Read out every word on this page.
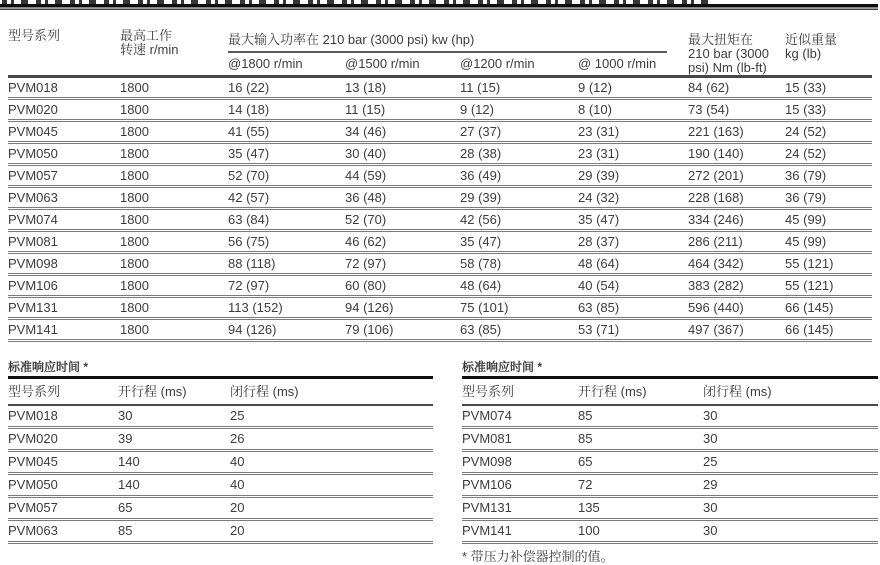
型号系列	最高工作
转速 r/min

最大输入功率在 210 bar (3000 psi) kw (hp)	最大扭矩在
210 bar (3000
psi) Nm (lb-ft)

近似重量
kg (lb)

		@1800 r/min	@1500 r/min	@1200 r/min	@ 1000 r/min		
PVM018	1800	16 (22)	13 (18)	11 (15)	9 (12)	84 (62)	15 (33)
PVM020	1800	14 (18)	11 (15)	9 (12)	8 (10)	73 (54)	15 (33)
PVM045	1800	41 (55)	34 (46)	27 (37)	23 (31)	221 (163)	24 (52)
PVM050	1800	35 (47)	30 (40)	28 (38)	23 (31)	190 (140)	24 (52)
PVM057	1800	52 (70)	44 (59)	36 (49)	29 (39)	272 (201)	36 (79)
PVM063	1800	42 (57)	36 (48)	29 (39)	24 (32)	228 (168)	36 (79)
PVM074	1800	63 (84)	52 (70)	42 (56)	35 (47)	334 (246)	45 (99)
PVM081	1800	56 (75)	46 (62)	35 (47)	28 (37)	286 (211)	45 (99)
PVM098	1800	88 (118)	72 (97)	58 (78)	48 (64)	464 (342)	55 (121)
PVM106	1800	72 (97)	60 (80)	48 (64)	40 (54)	383 (282)	55 (121)
PVM131	1800	113 (152)	94 (126)	75 (101)	63 (85)	596 (440)	66 (145)
PVM141	1800	94 (126)	79 (106)	63 (85)	53 (71)	497 (367)	66 (145)
标准响应时间 *
型号系列	开行程 (ms)	闭行程 (ms)
PVM018	30	25
PVM020	39	26
PVM045	140	40
PVM050	140	40
PVM057	65	20
PVM063	85	20
标准响应时间 *
型号系列	开行程 (ms)	闭行程 (ms)
PVM074	85	30
PVM081	85	30
PVM098	65	25
PVM106	72	29
PVM131	135	30
PVM141	100	30
* 带压力补偿器控制的值。
